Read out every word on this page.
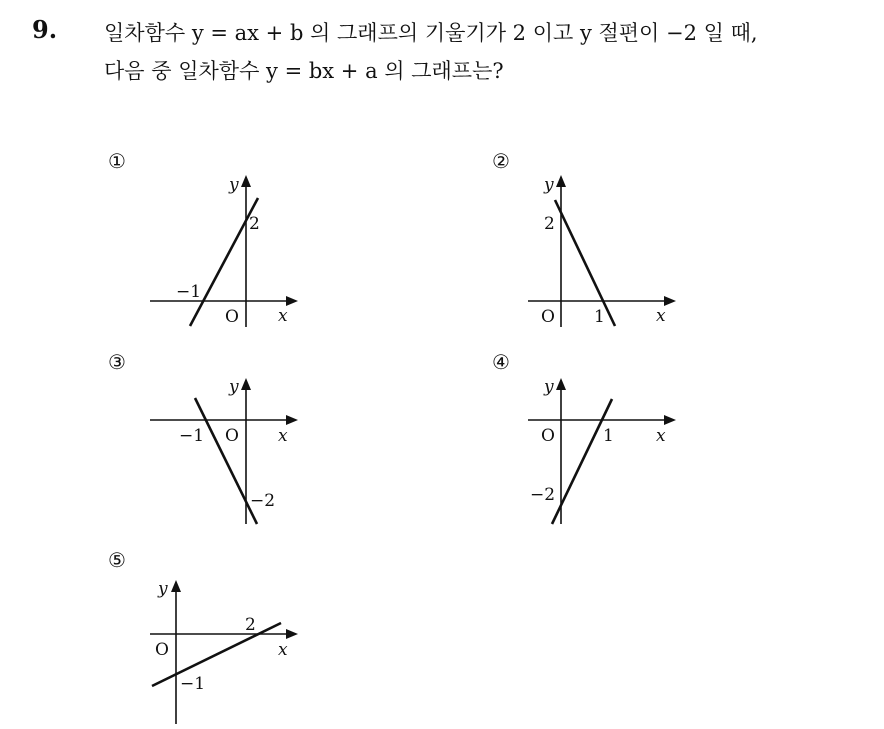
9. 일차함수 y = ax + b 의 그래프의 기울기가 2 이고 y 절편이 −2 일 때,
다음 중 일차함수 y = bx + a 의 그래프는?
①
x
y
O
−1
2
②
x
y
O 1
2
③
x
y
O
−1
−2
④
x
y
O	1
−2
⑤
x
y
O
2
−1
